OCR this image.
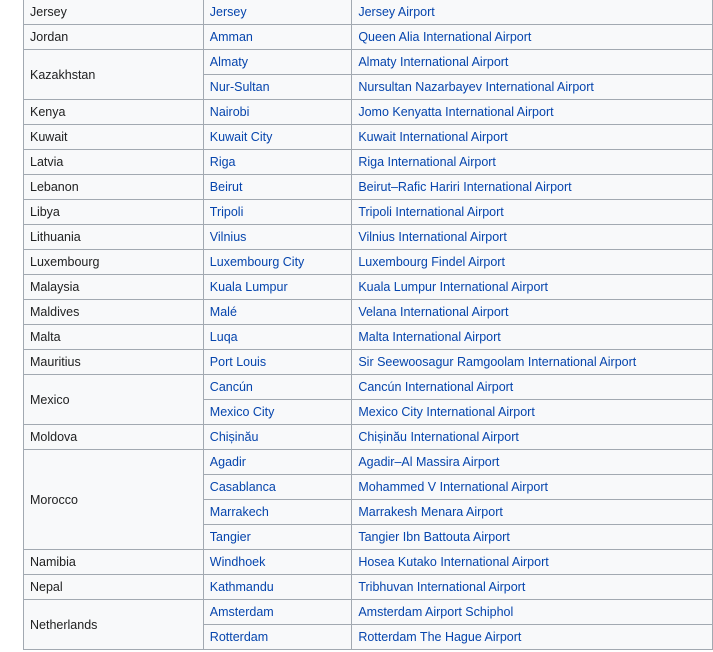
Jersey	Jersey	Jersey Airport
Jordan	Amman	Queen Alia International Airport
Kazakhstan	Almaty	Almaty International Airport
	Nur-Sultan	Nursultan Nazarbayev International Airport
Kenya	Nairobi	Jomo Kenyatta International Airport
Kuwait	Kuwait City	Kuwait International Airport
Latvia	Riga	Riga International Airport
Lebanon	Beirut	Beirut–Rafic Hariri International Airport
Libya	Tripoli	Tripoli International Airport
Lithuania	Vilnius	Vilnius International Airport
Luxembourg	Luxembourg City	Luxembourg Findel Airport
Malaysia	Kuala Lumpur	Kuala Lumpur International Airport
Maldives	Malé	Velana International Airport
Malta	Luqa	Malta International Airport
Mauritius	Port Louis	Sir Seewoosagur Ramgoolam International Airport
Mexico	Cancún	Cancún International Airport
	Mexico City	Mexico City International Airport
Moldova	Chișinău	Chișinău International Airport
Morocco	Agadir	Agadir–Al Massira Airport
	Casablanca	Mohammed V International Airport
	Marrakech	Marrakesh Menara Airport
	Tangier	Tangier Ibn Battouta Airport
Namibia	Windhoek	Hosea Kutako International Airport
Nepal	Kathmandu	Tribhuvan International Airport
Netherlands	Amsterdam	Amsterdam Airport Schiphol
	Rotterdam	Rotterdam The Hague Airport
